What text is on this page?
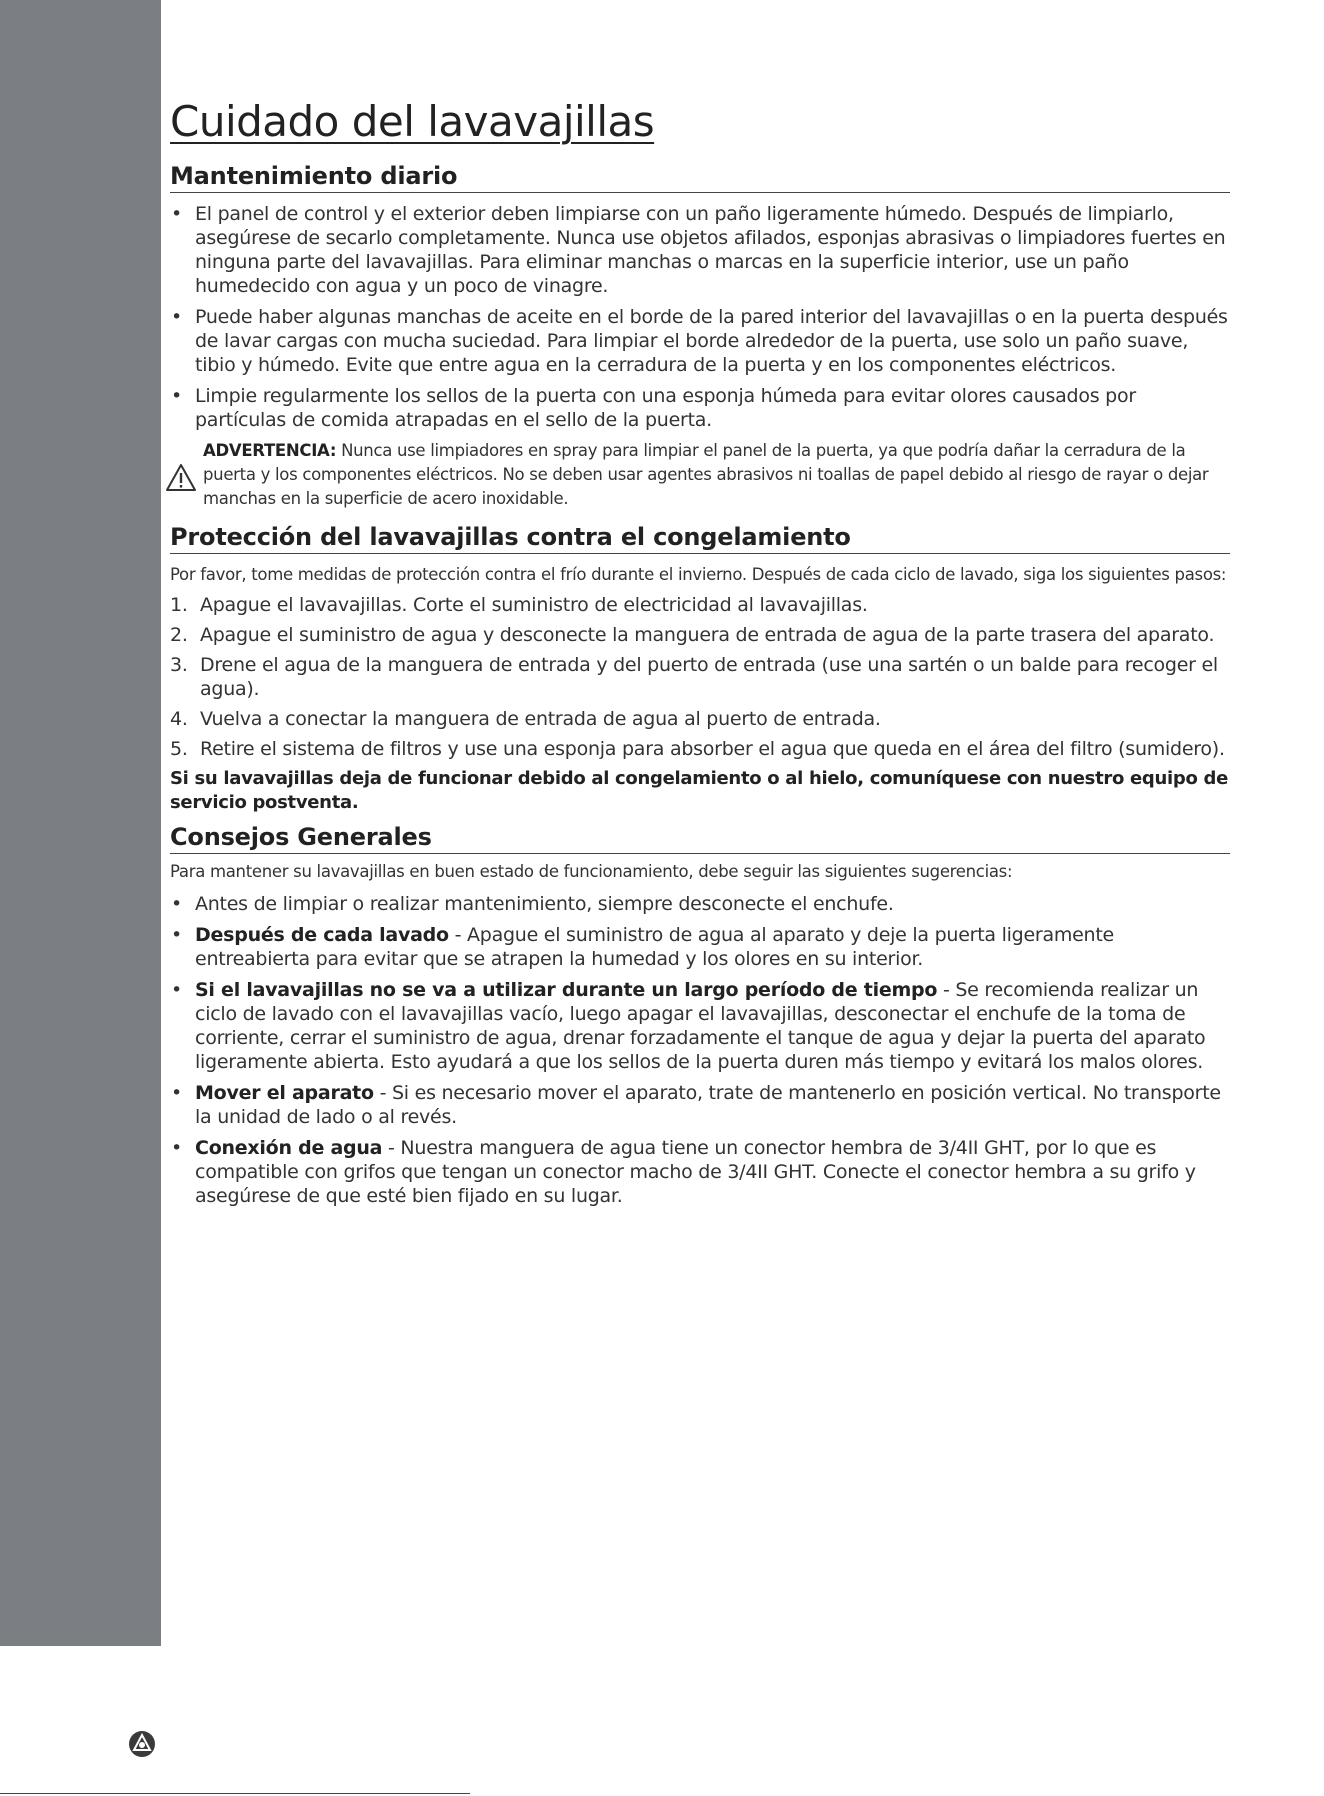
Cuidado del lavavajillas
Mantenimiento diario
• El panel de control y el exterior deben limpiarse con un paño ligeramente húmedo. Después de limpiarlo, asegúrese de secarlo completamente. Nunca use objetos afilados, esponjas abrasivas o limpiadores fuertes en ninguna parte del lavavajillas. Para eliminar manchas o marcas en la superficie interior, use un paño humedecido con agua y un poco de vinagre.
• Puede haber algunas manchas de aceite en el borde de la pared interior del lavavajillas o en la puerta después de lavar cargas con mucha suciedad. Para limpiar el borde alrededor de la puerta, use solo un paño suave, tibio y húmedo. Evite que entre agua en la cerradura de la puerta y en los componentes eléctricos.
• Limpie regularmente los sellos de la puerta con una esponja húmeda para evitar olores causados por partículas de comida atrapadas en el sello de la puerta.
ADVERTENCIA: Nunca use limpiadores en spray para limpiar el panel de la puerta, ya que podría dañar la cerradura de la puerta y los componentes eléctricos. No se deben usar agentes abrasivos ni toallas de papel debido al riesgo de rayar o dejar manchas en la superficie de acero inoxidable.
Protección del lavavajillas contra el congelamiento

Por favor, tome medidas de protección contra el frío durante el invierno. Después de cada ciclo de lavado, siga los siguientes pasos:

1. Apague el lavavajillas. Corte el suministro de electricidad al lavavajillas.
2. Apague el suministro de agua y desconecte la manguera de entrada de agua de la parte trasera del aparato.
3. Drene el agua de la manguera de entrada y del puerto de entrada (use una sartén o un balde para recoger el agua).
4. Vuelva a conectar la manguera de entrada de agua al puerto de entrada.
5. Retire el sistema de filtros y use una esponja para absorber el agua que queda en el área del filtro (sumidero).

Si su lavavajillas deja de funcionar debido al congelamiento o al hielo, comuníquese con nuestro equipo de servicio postventa.

Consejos Generales

Para mantener su lavavajillas en buen estado de funcionamiento, debe seguir las siguientes sugerencias:

• Antes de limpiar o realizar mantenimiento, siempre desconecte el enchufe.
• Después de cada lavado - Apague el suministro de agua al aparato y deje la puerta ligeramente entreabierta para evitar que se atrapen la humedad y los olores en su interior.
• Si el lavavajillas no se va a utilizar durante un largo período de tiempo - Se recomienda realizar un ciclo de lavado con el lavavajillas vacío, luego apagar el lavavajillas, desconectar el enchufe de la toma de corriente, cerrar el suministro de agua, drenar forzadamente el tanque de agua y dejar la puerta del aparato ligeramente abierta. Esto ayudará a que los sellos de la puerta duren más tiempo y evitará los malos olores.
• Mover el aparato - Si es necesario mover el aparato, trate de mantenerlo en posición vertical. No transporte la unidad de lado o al revés.
• Conexión de agua - Nuestra manguera de agua tiene un conector hembra de 3/4II GHT, por lo que es compatible con grifos que tengan un conector macho de 3/4II GHT. Conecte el conector hembra a su grifo y asegúrese de que esté bien fijado en su lugar.
